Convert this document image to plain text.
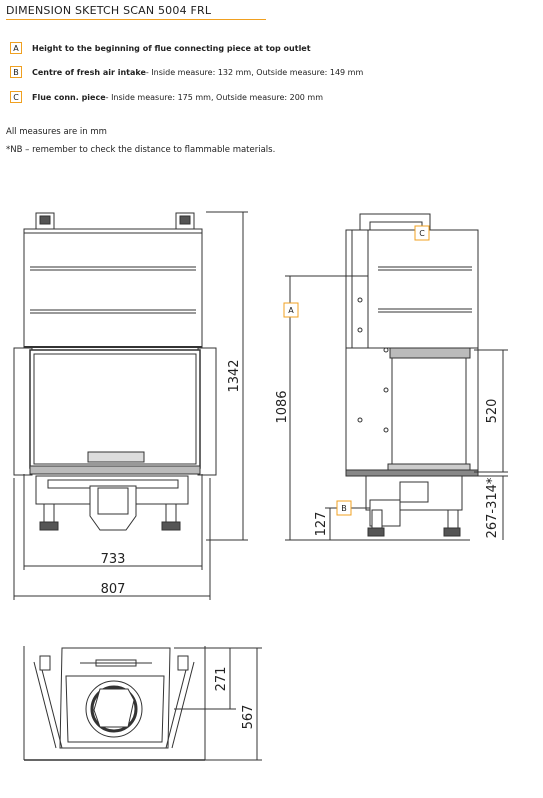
DIMENSION SKETCH SCAN 5004 FRL
A	Height to the beginning of flue connecting piece at top outlet
B	Centre of fresh air intake - Inside measure: 132 mm, Outside measure: 149 mm
C	Flue conn. piece - Inside measure: 175 mm, Outside measure: 200 mm
All measures are in mm
*NB – remember to check the distance to flammable materials.
A
B
C
1342
733
807
1086
127
520
267-314*
271
567
